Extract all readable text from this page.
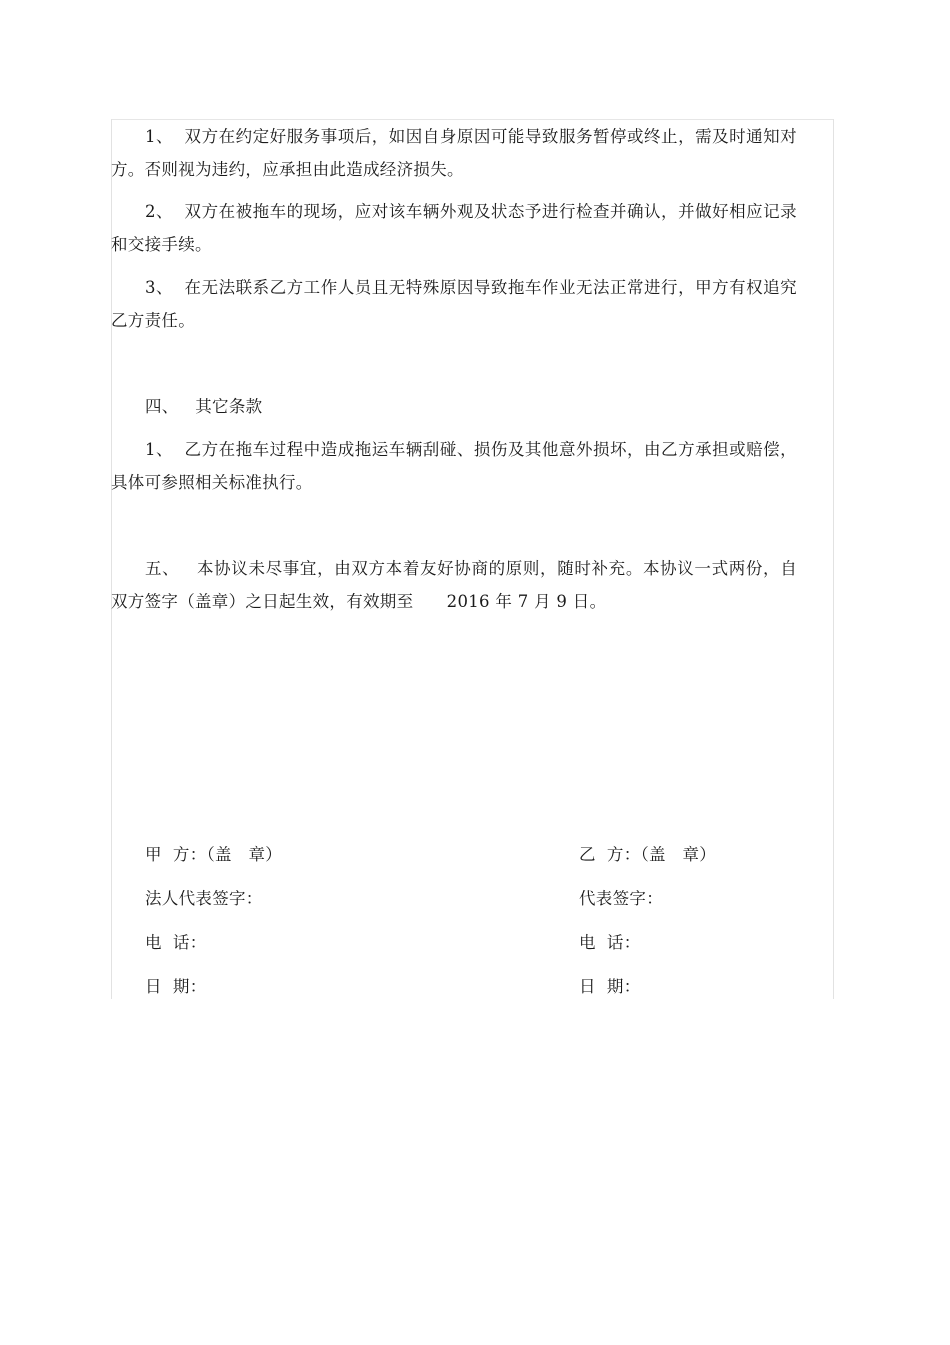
1、  双方在约定好服务事项后，如因自身原因可能导致服务暂停或终止，需及时通知对方。否则视为违约，应承担由此造成经济损失。

2、  双方在被拖车的现场，应对该车辆外观及状态予进行检查并确认，并做好相应记录和交接手续。

3、  在无法联系乙方工作人员且无特殊原因导致拖车作业无法正常进行，甲方有权追究乙方责任。

四、   其它条款

1、  乙方在拖车过程中造成拖运车辆刮碰、损伤及其他意外损坏，由乙方承担或赔偿，具体可参照相关标准执行。

五、   本协议未尽事宜，由双方本着友好协商的原则，随时补充。本协议一式两份，自双方签字（盖章）之日起生效，有效期至      2016 年 7 月 9 日。

甲  方：（盖   章）	乙  方：（盖   章）

法人代表签字：	代表签字：

电  话：	电  话：

日  期：	日  期：
